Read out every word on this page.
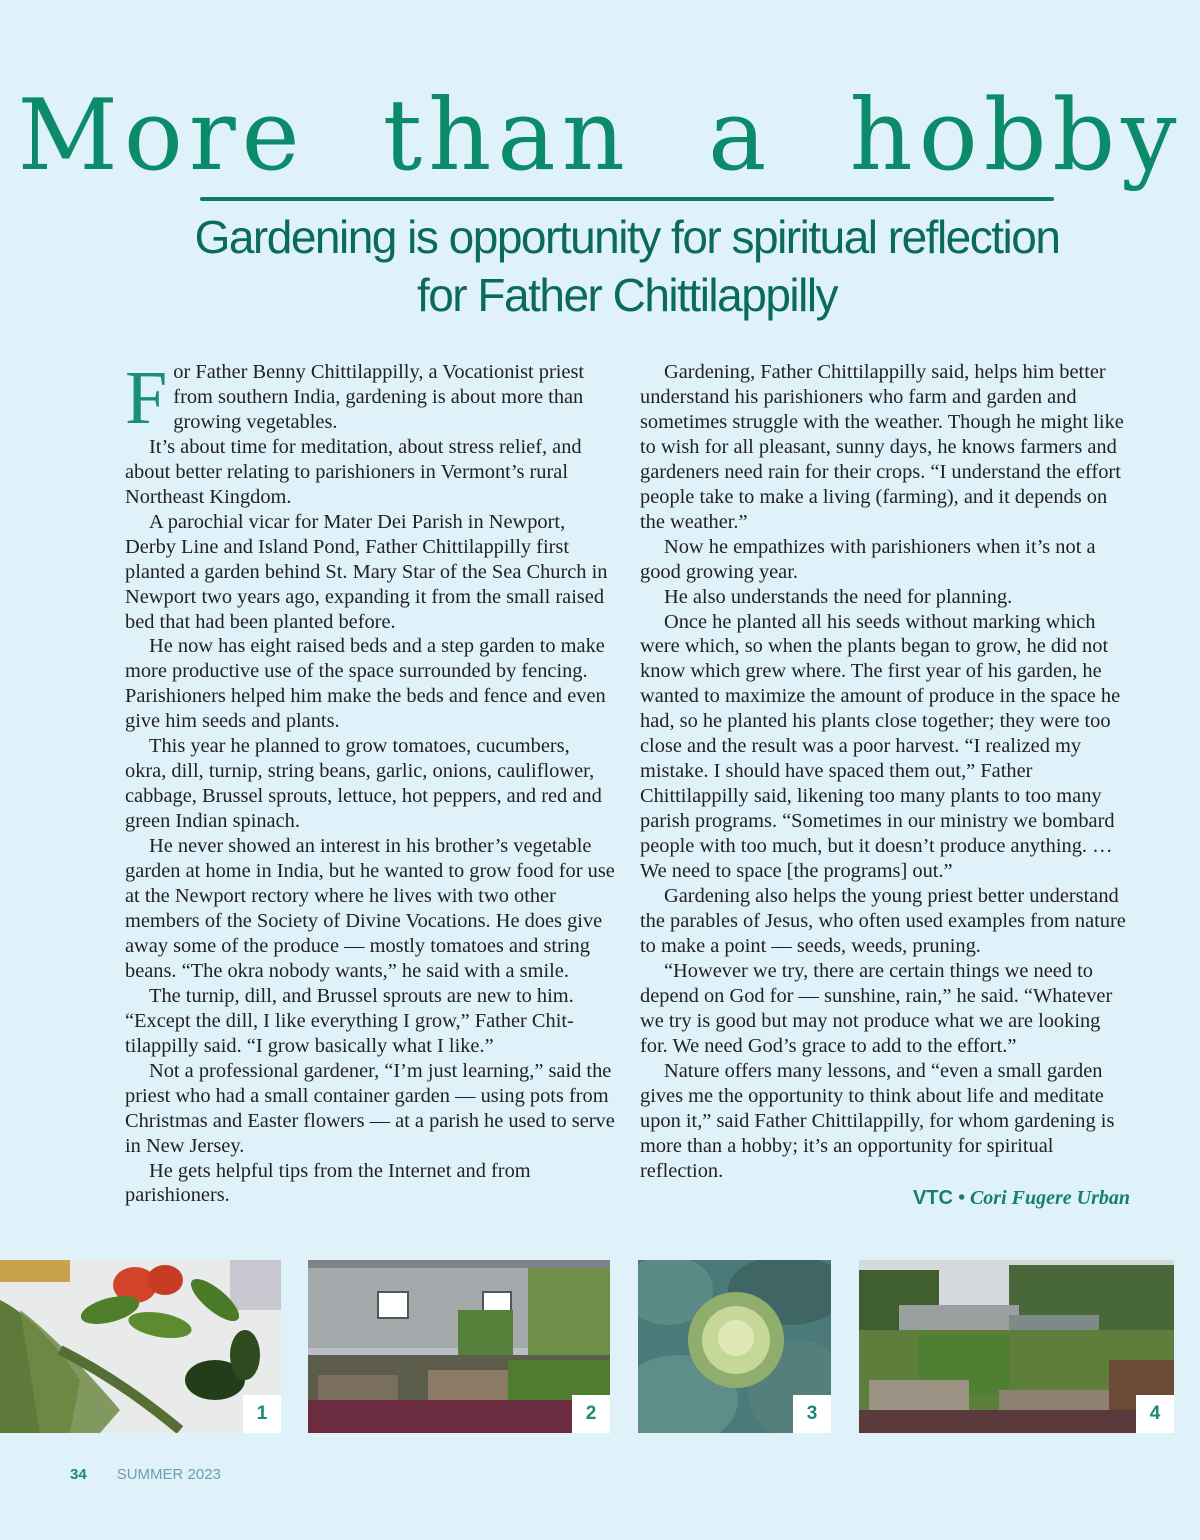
More than a hobby
Gardening is opportunity for spiritual reflection
for Father Chittilappilly

For Father Benny Chittilappilly, a Vocationist priest from southern India, gardening is about more than growing vegetables.

It’s about time for meditation, about stress relief, and about better relating to parishioners in Vermont’s rural Northeast Kingdom.

A parochial vicar for Mater Dei Parish in Newport, Derby Line and Island Pond, Father Chittilappilly first planted a garden behind St. Mary Star of the Sea Church in Newport two years ago, expanding it from the small raised bed that had been planted before.

He now has eight raised beds and a step garden to make more productive use of the space surrounded by fencing. Parishioners helped him make the beds and fence and even give him seeds and plants.

This year he planned to grow tomatoes, cucumbers, okra, dill, turnip, string beans, garlic, onions, cauliflower, cabbage, Brussel sprouts, lettuce, hot peppers, and red and green Indian spinach.

He never showed an interest in his brother’s vegetable garden at home in India, but he wanted to grow food for use at the Newport rectory where he lives with two other members of the Society of Divine Vocations. He does give away some of the produce — mostly tomatoes and string beans. “The okra nobody wants,” he said with a smile.

The turnip, dill, and Brussel sprouts are new to him. “Except the dill, I like everything I grow,” Father Chittilappilly said. “I grow basically what I like.”

Not a professional gardener, “I’m just learning,” said the priest who had a small container garden — using pots from Christmas and Easter flowers — at a parish he used to serve in New Jersey.

He gets helpful tips from the Internet and from parishioners.

Gardening, Father Chittilappilly said, helps him better understand his parishioners who farm and garden and sometimes struggle with the weather. Though he might like to wish for all pleasant, sunny days, he knows farmers and gardeners need rain for their crops. “I understand the effort people take to make a living (farming), and it depends on the weather.”

Now he empathizes with parishioners when it’s not a good growing year.

He also understands the need for planning.

Once he planted all his seeds without marking which were which, so when the plants began to grow, he did not know which grew where. The first year of his garden, he wanted to maximize the amount of produce in the space he had, so he planted his plants close together; they were too close and the result was a poor harvest. “I realized my mistake. I should have spaced them out,” Father Chittilappilly said, likening too many plants to too many parish programs. “Sometimes in our ministry we bombard people with too much, but it doesn’t produce anything. … We need to space [the programs] out.”

Gardening also helps the young priest better understand the parables of Jesus, who often used examples from nature to make a point — seeds, weeds, pruning.

“However we try, there are certain things we need to depend on God for — sunshine, rain,” he said. “Whatever we try is good but may not produce what we are looking for. We need God’s grace to add to the effort.”

Nature offers many lessons, and “even a small garden gives me the opportunity to think about life and meditate upon it,” said Father Chittilappilly, for whom gardening is more than a hobby; it’s an opportunity for spiritual reflection.

VTC • Cori Fugere Urban
1	2	3	4
34 SUMMER 2023
